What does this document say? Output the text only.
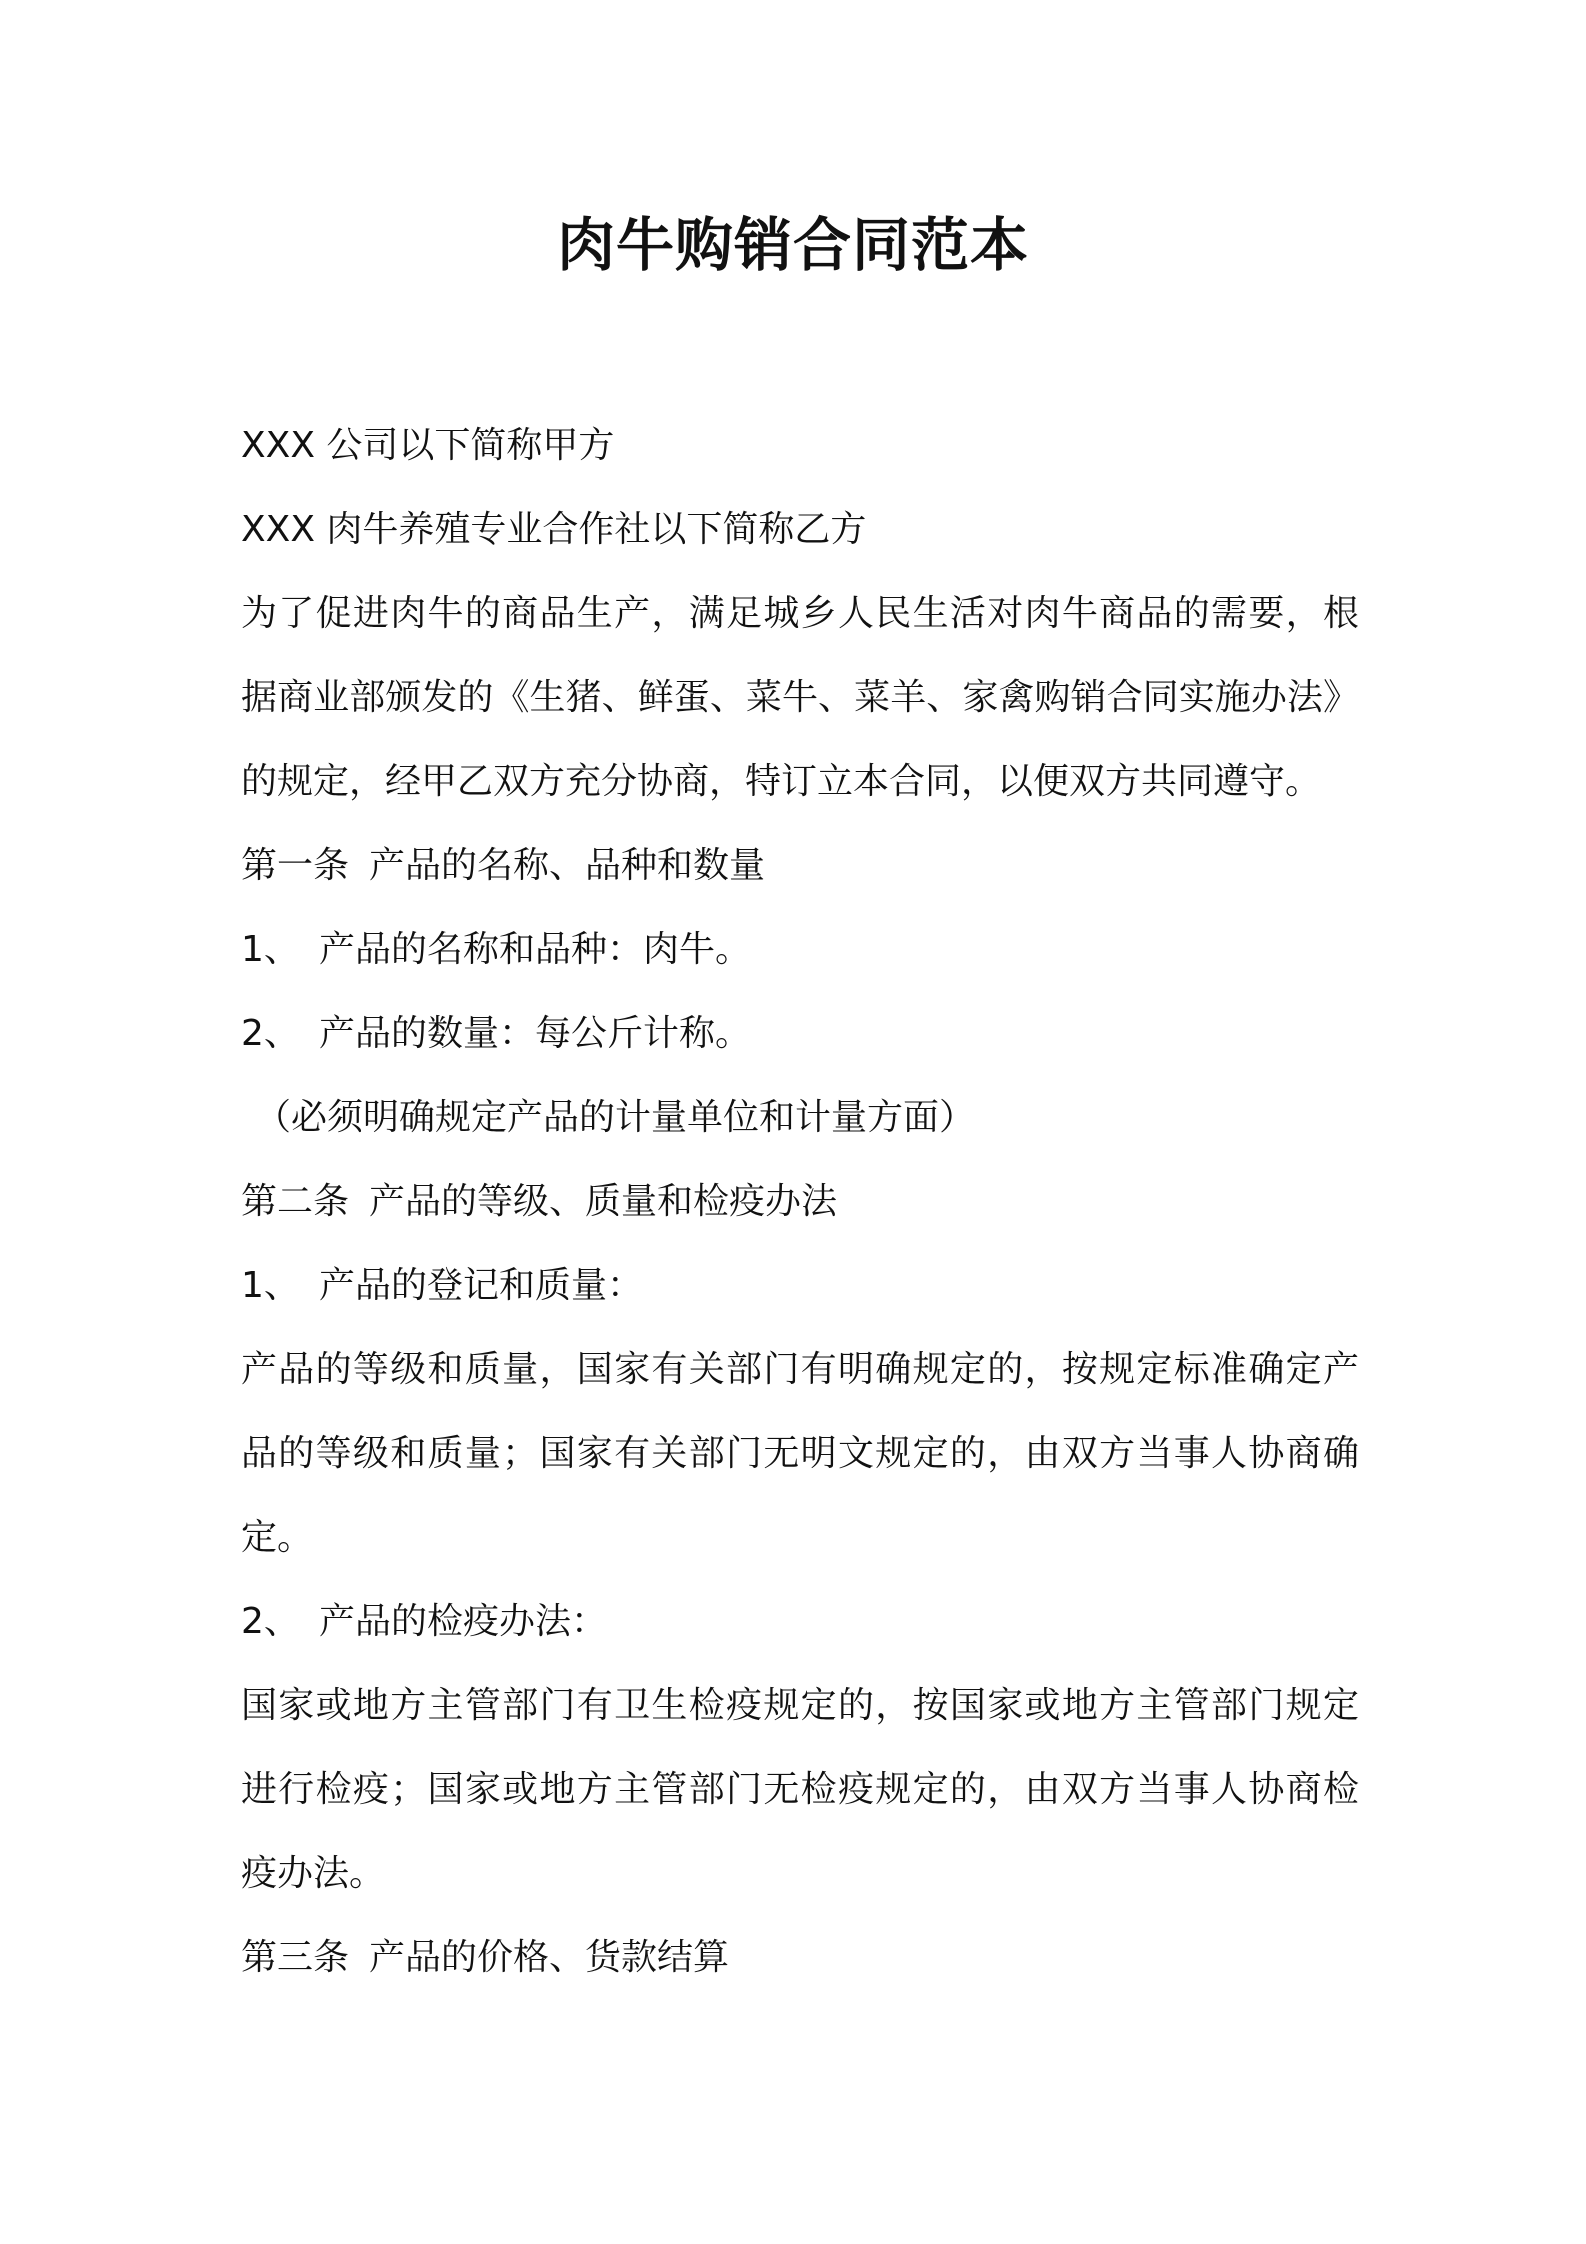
肉牛购销合同范本
XXX 公司以下简称甲方
XXX 肉牛养殖专业合作社以下简称乙方
为了促进肉牛的商品生产，满足城乡人民生活对肉牛商品的需要，根
据商业部颁发的《生猪、鲜蛋、菜牛、菜羊、家禽购销合同实施办法》
的规定，经甲乙双方充分协商，特订立本合同，以便双方共同遵守。
第一条 产品的名称、品种和数量
1、 产品的名称和品种：肉牛。
2、 产品的数量：每公斤计称。
（必须明确规定产品的计量单位和计量方面）
第二条 产品的等级、质量和检疫办法
1、 产品的登记和质量：
产品的等级和质量，国家有关部门有明确规定的，按规定标准确定产
品的等级和质量；国家有关部门无明文规定的，由双方当事人协商确
定。
2、 产品的检疫办法：
国家或地方主管部门有卫生检疫规定的，按国家或地方主管部门规定
进行检疫；国家或地方主管部门无检疫规定的，由双方当事人协商检
疫办法。
第三条 产品的价格、货款结算
